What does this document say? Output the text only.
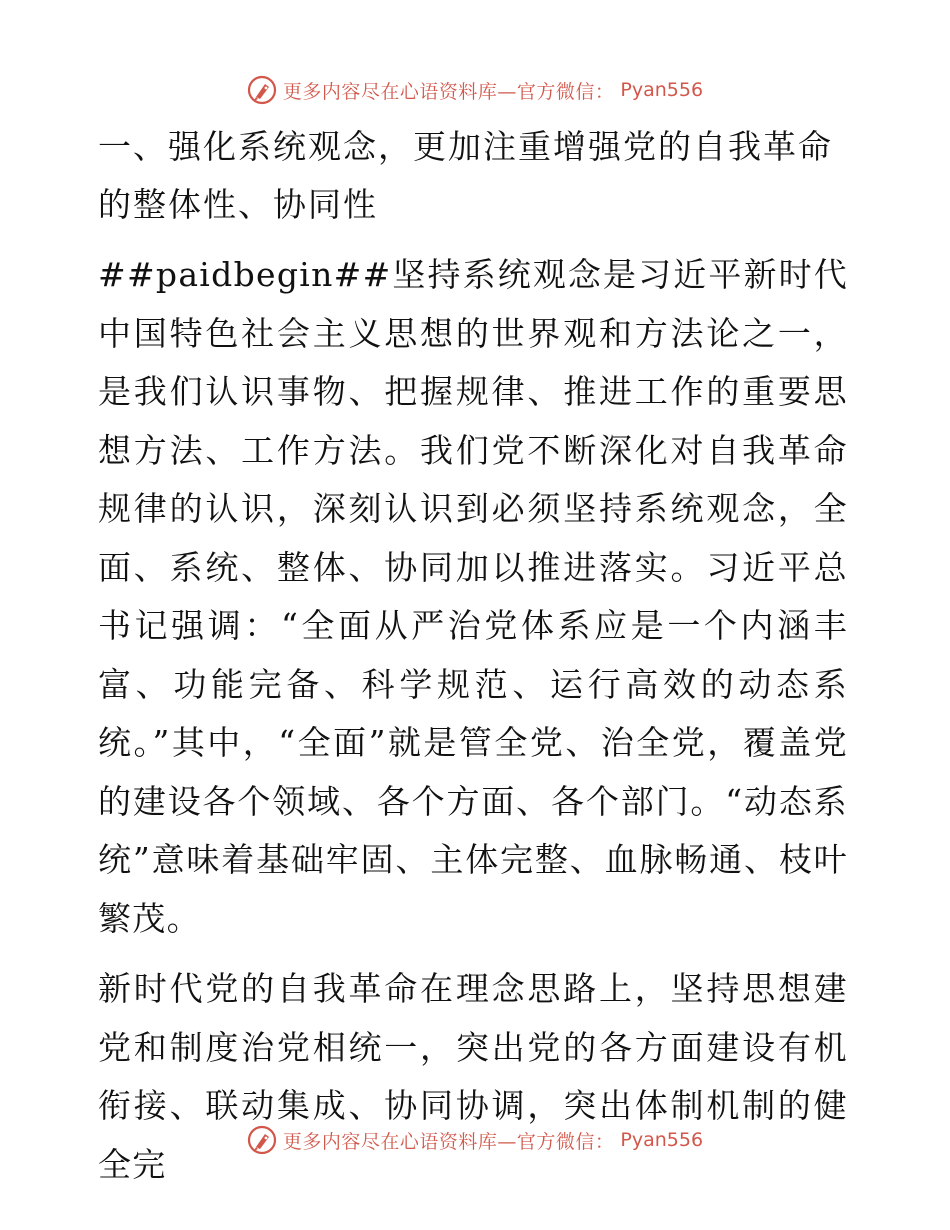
更多内容尽在心语资料库—官方微信： Pyan556
一、强化系统观念，更加注重增强党的自我革命的整体性、协同性

##paidbegin##坚持系统观念是习近平新时代中国特色社会主义思想的世界观和方法论之一，是我们认识事物、把握规律、推进工作的重要思想方法、工作方法。我们党不断深化对自我革命规律的认识，深刻认识到必须坚持系统观念，全面、系统、整体、协同加以推进落实。习近平总书记强调：“全面从严治党体系应是一个内涵丰富、功能完备、科学规范、运行高效的动态系统。”其中，“全面”就是管全党、治全党，覆盖党的建设各个领域、各个方面、各个部门。“动态系统”意味着基础牢固、主体完整、血脉畅通、枝叶繁茂。

新时代党的自我革命在理念思路上，坚持思想建党和制度治党相统一，突出党的各方面建设有机衔接、联动集成、协同协调，突出体制机制的健全完

更多内容尽在心语资料库—官方微信： Pyan556
